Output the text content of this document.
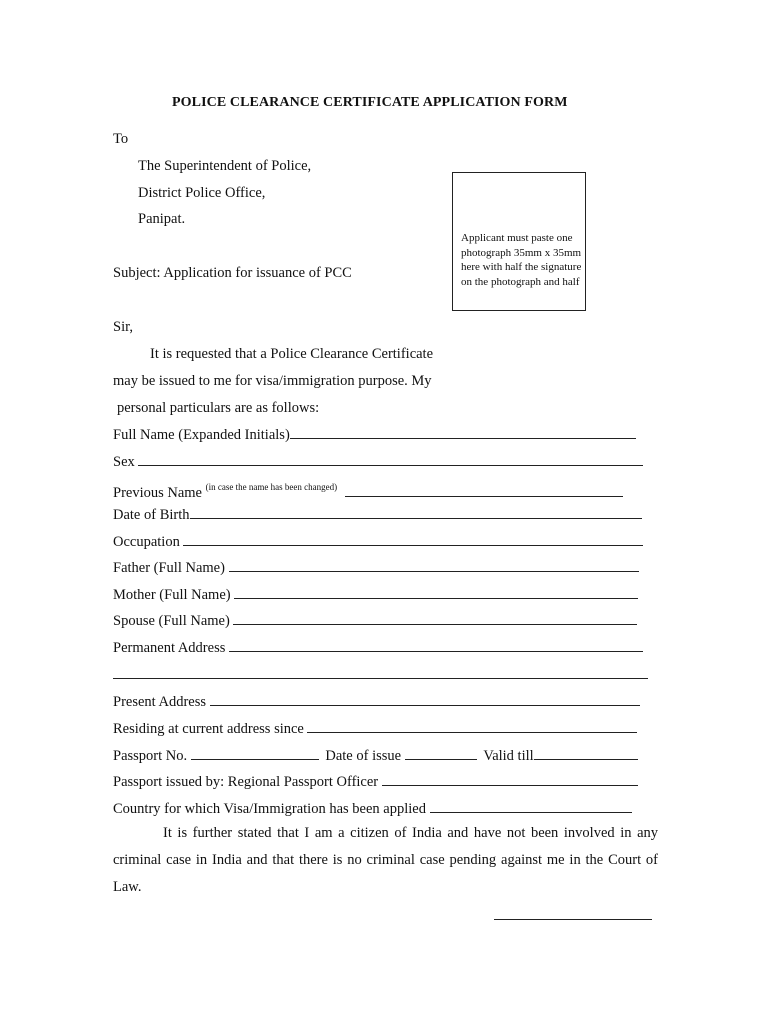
POLICE CLEARANCE CERTIFICATE APPLICATION FORM
To
The Superintendent of Police,
District Police Office,
Panipat.
Applicant must paste one photograph 35mm x 35mm here with half the signature on the photograph and half
Subject: Application for issuance of PCC
Sir,
It is requested that a Police Clearance Certificate
may be issued to me for visa/immigration purpose. My
personal particulars are as follows:
Full Name (Expanded Initials)
Sex
Previous Name $^{(in case the name has been changed)}$
Date of Birth
Occupation
Father (Full Name)
Mother (Full Name)
Spouse (Full Name)
Permanent Address
Present Address
Residing at current address since
Passport No.	Date of issue	Valid till
Passport issued by: Regional Passport Officer
Country for which Visa/Immigration has been applied
It is further stated that I am a citizen of India and have not been involved in any criminal case in India and that there is no criminal case pending against me in the Court of Law.
